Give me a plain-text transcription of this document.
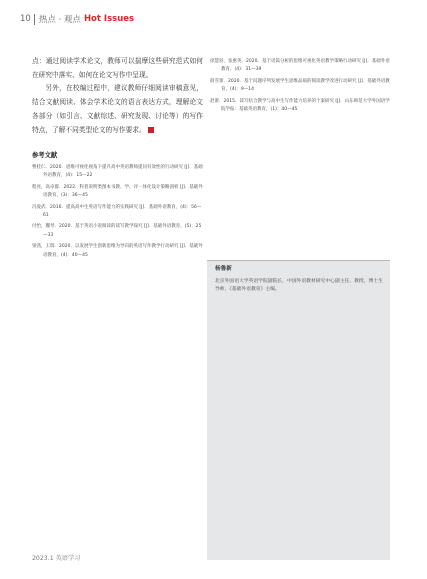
10 热点 · 观点 Hot Issues

点：通过阅读学术论文，教师可以揣摩这些研究范式如何在研究中落实、如何在论文写作中呈现。

另外，在校编过程中，建议教师仔细阅读审稿意见，结合文献阅读、体会学术论文的语言表达方式，理解论文各部分（如引言、文献综述、研究发现、讨论等）的写作特点，了解不同类型论文的写作要求。

参考文献

曹桂仁．2020．思维可视化视角下提升高中英语教师提问有效性的行动研究 [J]．基础外语教育，(4)：15—22

程亮，高卓群．2022．科普说明类图本书教、学、评一体化设计策略剖析 [J]．基础外语教育，(3)：36—45

冯爱武．2016．提高高中生英语写作能力的实践研究 [J]．基础外语教育，(4)：56—61

付怡，魏琴．2020．基于英语小说阅读的读写教学探究 [J]．基础外语教育，(5)：25—33

梁茜，王瑞．2020．以发展学生创新思维为导向的英语写作教学行动研究 [J]．基础外语教育，(4)：40—45

徐慧羽，张惠英．2020．基于语篇分析的思维可视化英语教学策略行动研究 [J]．基础外语教育，(4)：31—39

薛雪蕾．2020．基于问题序列发展学生思维品质的阅读教学改进行动研究 [J]．基础外语教育，(4)：9—14

赵蕾．2015．读写结合教学与高中生写作能力培养的个案研究 [J]．山东师范大学外国语学院学报：基础英语教育，(1)：40—45

杨鲁新
北京外国语大学英语学院副院长，中国外语教材研究中心副主任。教授，博士生导师，《基础外语教育》主编。
2023.1 英语学习
